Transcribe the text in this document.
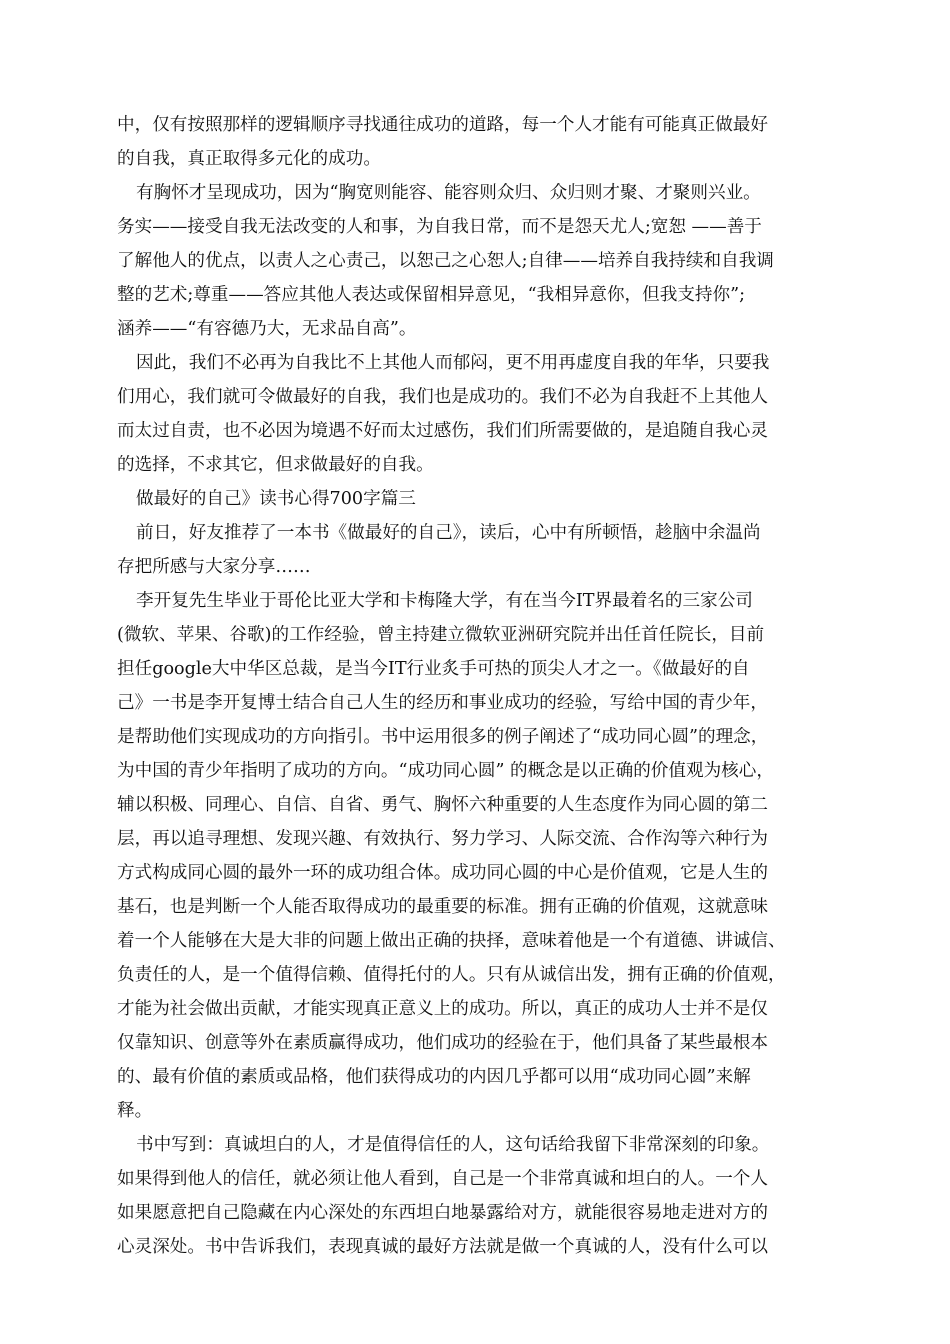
中，仅有按照那样的逻辑顺序寻找通往成功的道路，每一个人才能有可能真正做最好
的自我，真正取得多元化的成功。
有胸怀才呈现成功，因为“胸宽则能容、能容则众归、众归则才聚、才聚则兴业。
务实——接受自我无法改变的人和事，为自我日常，而不是怨天尤人;宽恕 ——善于
了解他人的优点，以责人之心责己，以恕己之心恕人;自律——培养自我持续和自我调
整的艺术;尊重——答应其他人表达或保留相异意见，“我相异意你，但我支持你”;
涵养——“有容德乃大，无求品自高”。
因此，我们不必再为自我比不上其他人而郁闷，更不用再虚度自我的年华，只要我
们用心，我们就可令做最好的自我，我们也是成功的。我们不必为自我赶不上其他人
而太过自责，也不必因为境遇不好而太过感伤，我们们所需要做的，是追随自我心灵
的选择，不求其它，但求做最好的自我。
做最好的自己》读书心得700字篇三
前日，好友推荐了一本书《做最好的自己》，读后，心中有所顿悟，趁脑中余温尚
存把所感与大家分享……
李开复先生毕业于哥伦比亚大学和卡梅隆大学，有在当今IT界最着名的三家公司
(微软、苹果、谷歌)的工作经验，曾主持建立微软亚洲研究院并出任首任院长，目前
担任google大中华区总裁，是当今IT行业炙手可热的顶尖人才之一。《做最好的自
己》一书是李开复博士结合自己人生的经历和事业成功的经验，写给中国的青少年，
是帮助他们实现成功的方向指引。书中运用很多的例子阐述了“成功同心圆”的理念，
为中国的青少年指明了成功的方向。“成功同心圆” 的概念是以正确的价值观为核心，
辅以积极、同理心、自信、自省、勇气、胸怀六种重要的人生态度作为同心圆的第二
层，再以追寻理想、发现兴趣、有效执行、努力学习、人际交流、合作沟等六种行为
方式构成同心圆的最外一环的成功组合体。成功同心圆的中心是价值观，它是人生的
基石，也是判断一个人能否取得成功的最重要的标准。拥有正确的价值观，这就意味
着一个人能够在大是大非的问题上做出正确的抉择，意味着他是一个有道德、讲诚信、
负责任的人，是一个值得信赖、值得托付的人。只有从诚信出发，拥有正确的价值观，
才能为社会做出贡献，才能实现真正意义上的成功。所以，真正的成功人士并不是仅
仅靠知识、创意等外在素质赢得成功，他们成功的经验在于，他们具备了某些最根本
的、最有价值的素质或品格，他们获得成功的内因几乎都可以用“成功同心圆”来解
释。
书中写到：真诚坦白的人，才是值得信任的人，这句话给我留下非常深刻的印象。
如果得到他人的信任，就必须让他人看到，自己是一个非常真诚和坦白的人。一个人
如果愿意把自己隐藏在内心深处的东西坦白地暴露给对方，就能很容易地走进对方的
心灵深处。书中告诉我们，表现真诚的最好方法就是做一个真诚的人，没有什么可以
